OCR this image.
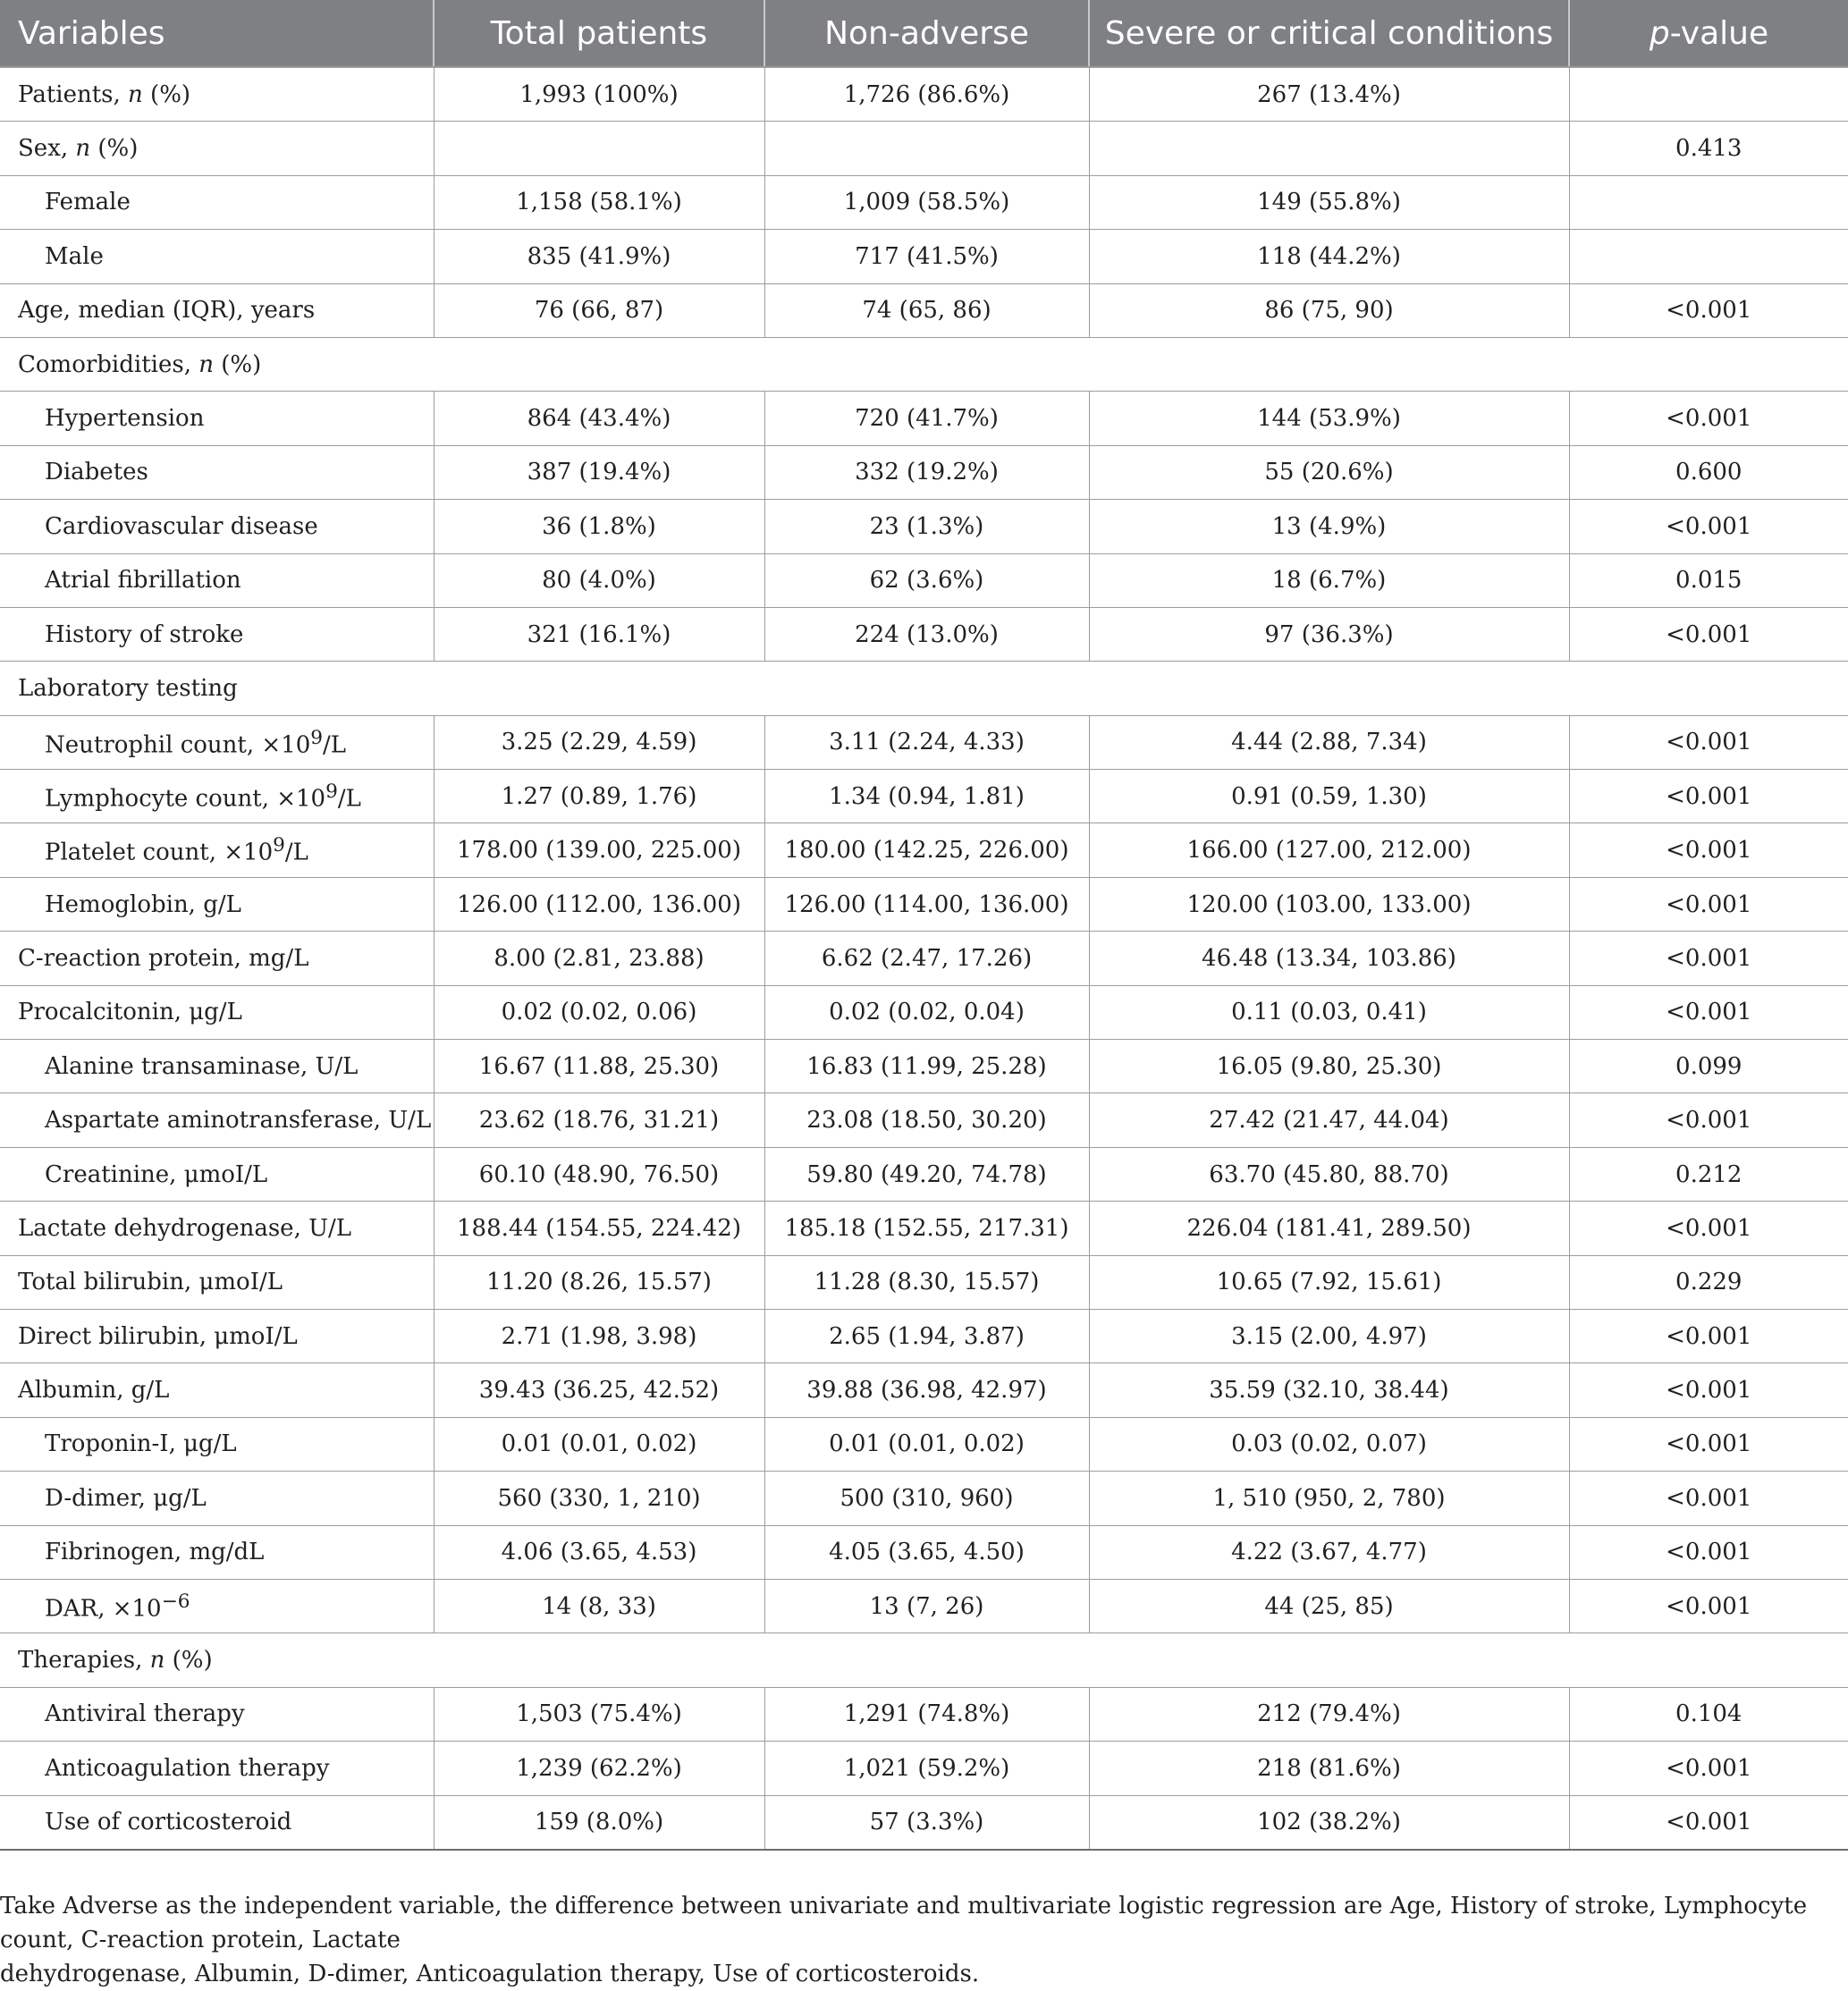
Variables	Total patients	Non-adverse	Severe or critical conditions	p-value
Patients, n (%)	1,993 (100%)	1,726 (86.6%)	267 (13.4%)	
Sex, n (%)				0.413
Female	1,158 (58.1%)	1,009 (58.5%)	149 (55.8%)	
Male	835 (41.9%)	717 (41.5%)	118 (44.2%)	
Age, median (IQR), years	76 (66, 87)	74 (65, 86)	86 (75, 90)	<0.001
Comorbidities, n (%)				
Hypertension	864 (43.4%)	720 (41.7%)	144 (53.9%)	<0.001
Diabetes	387 (19.4%)	332 (19.2%)	55 (20.6%)	0.600
Cardiovascular disease	36 (1.8%)	23 (1.3%)	13 (4.9%)	<0.001
Atrial fibrillation	80 (4.0%)	62 (3.6%)	18 (6.7%)	0.015
History of stroke	321 (16.1%)	224 (13.0%)	97 (36.3%)	<0.001
Laboratory testing				
Neutrophil count, $\times 10^9/L$	3.25 (2.29, 4.59)	3.11 (2.24, 4.33)	4.44 (2.88, 7.34)	<0.001
Lymphocyte count, $\times 10^9/L$	1.27 (0.89, 1.76)	1.34 (0.94, 1.81)	0.91 (0.59, 1.30)	<0.001
Platelet count, $\times 10^9/L$	178.00 (139.00, 225.00)	180.00 (142.25, 226.00)	166.00 (127.00, 212.00)	<0.001
Hemoglobin, g/L	126.00 (112.00, 136.00)	126.00 (114.00, 136.00)	120.00 (103.00, 133.00)	<0.001
C-reaction protein, mg/L	8.00 (2.81, 23.88)	6.62 (2.47, 17.26)	46.48 (13.34, 103.86)	<0.001
Procalcitonin, μg/L	0.02 (0.02, 0.06)	0.02 (0.02, 0.04)	0.11 (0.03, 0.41)	<0.001
Alanine transaminase, U/L	16.67 (11.88, 25.30)	16.83 (11.99, 25.28)	16.05 (9.80, 25.30)	0.099
Aspartate aminotransferase, U/L	23.62 (18.76, 31.21)	23.08 (18.50, 30.20)	27.42 (21.47, 44.04)	<0.001
Creatinine, μmoI/L	60.10 (48.90, 76.50)	59.80 (49.20, 74.78)	63.70 (45.80, 88.70)	0.212
Lactate dehydrogenase, U/L	188.44 (154.55, 224.42)	185.18 (152.55, 217.31)	226.04 (181.41, 289.50)	<0.001
Total bilirubin, μmoI/L	11.20 (8.26, 15.57)	11.28 (8.30, 15.57)	10.65 (7.92, 15.61)	0.229
Direct bilirubin, μmoI/L	2.71 (1.98, 3.98)	2.65 (1.94, 3.87)	3.15 (2.00, 4.97)	<0.001
Albumin, g/L	39.43 (36.25, 42.52)	39.88 (36.98, 42.97)	35.59 (32.10, 38.44)	<0.001
Troponin-I, μg/L	0.01 (0.01, 0.02)	0.01 (0.01, 0.02)	0.03 (0.02, 0.07)	<0.001
D-dimer, μg/L	560 (330, 1, 210)	500 (310, 960)	1, 510 (950, 2, 780)	<0.001
Fibrinogen, mg/dL	4.06 (3.65, 4.53)	4.05 (3.65, 4.50)	4.22 (3.67, 4.77)	<0.001
DAR, $\times 10^{-6}$	14 (8, 33)	13 (7, 26)	44 (25, 85)	<0.001
Therapies, n (%)				
Antiviral therapy	1,503 (75.4%)	1,291 (74.8%)	212 (79.4%)	0.104
Anticoagulation therapy	1,239 (62.2%)	1,021 (59.2%)	218 (81.6%)	<0.001
Use of corticosteroid	159 (8.0%)	57 (3.3%)	102 (38.2%)	<0.001
Take Adverse as the independent variable, the difference between univariate and multivariate logistic regression are Age, History of stroke, Lymphocyte count, C-reaction protein, Lactate
dehydrogenase, Albumin, D-dimer, Anticoagulation therapy, Use of corticosteroids.
